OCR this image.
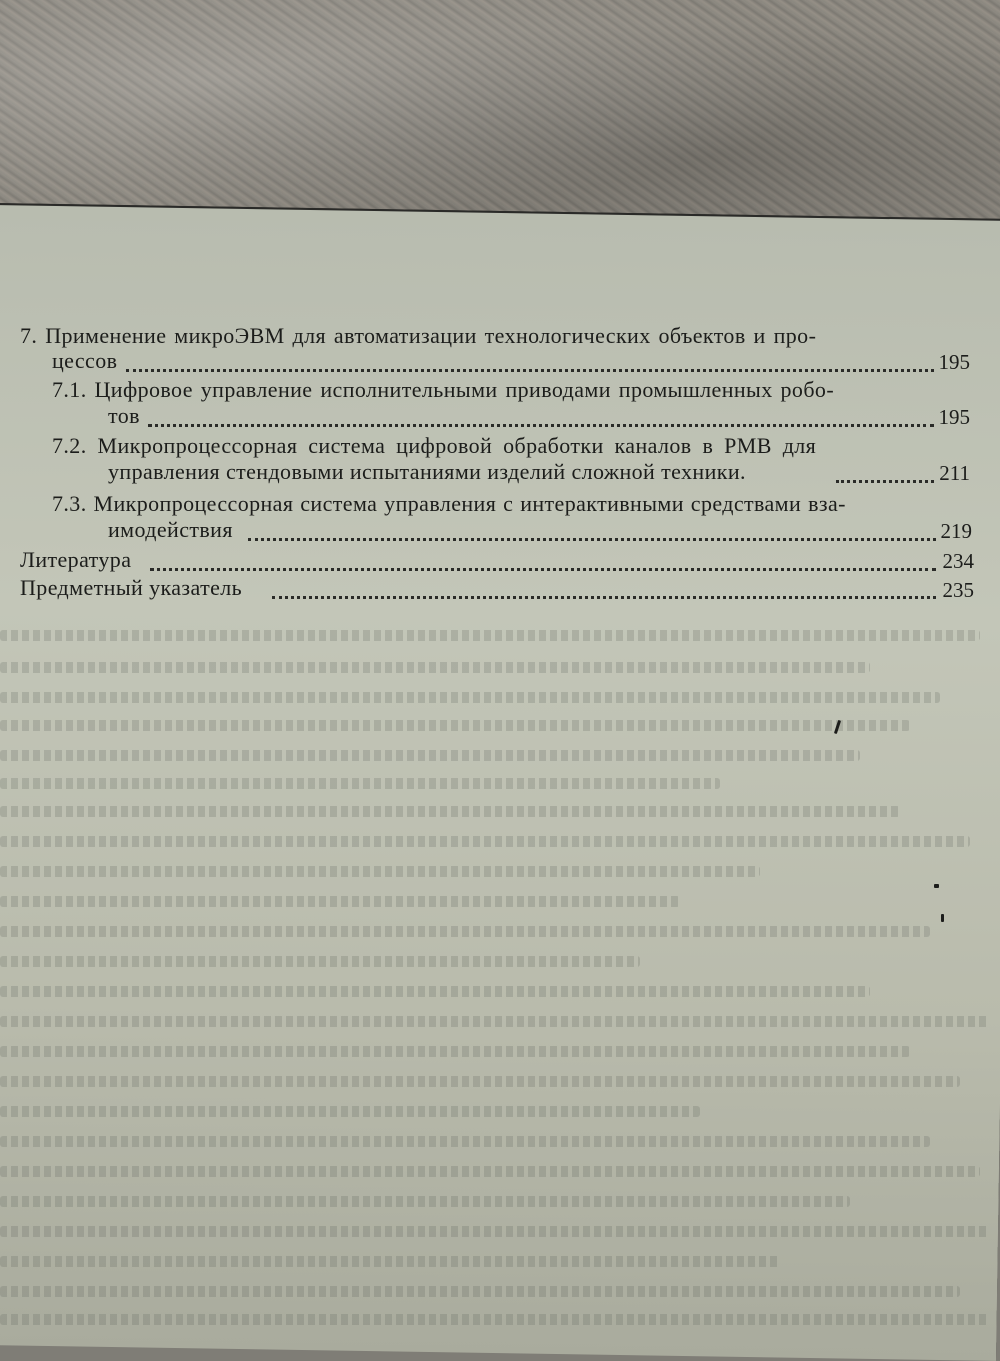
7. Применение микроЭВМ для автоматизации технологических объектов и про-
цессов	195
7.1. Цифровое управление исполнительными приводами промышленных робо-
тов	195
7.2. Микропроцессорная система цифровой обработки каналов в РМВ для
управления стендовыми испытаниями изделий сложной техники.	211
7.3. Микропроцессорная система управления с интерактивными средствами вза-
имодействия	219
Литература	234
Предметный указатель	235
